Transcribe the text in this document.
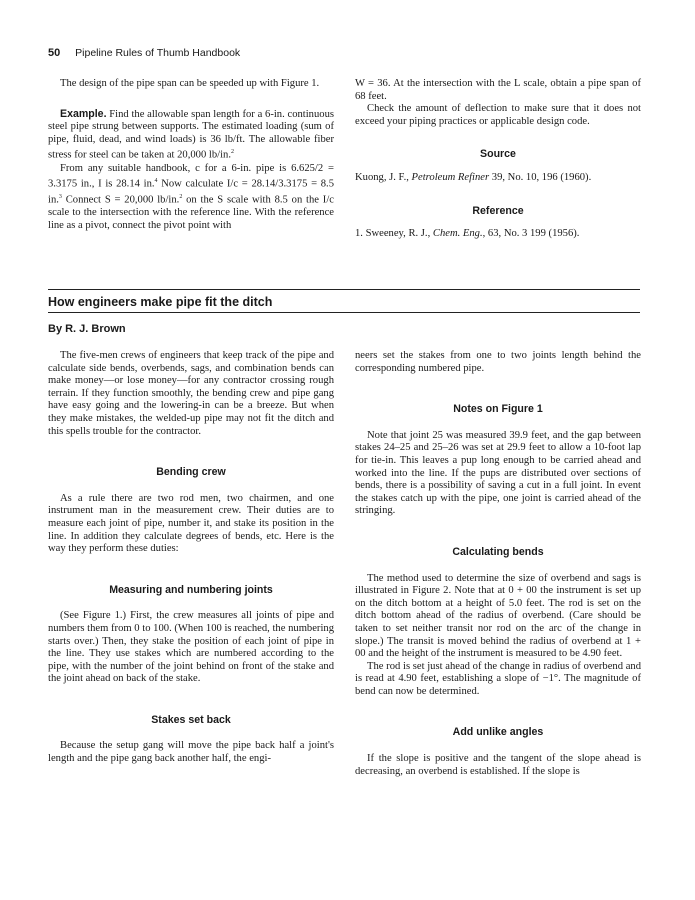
50 Pipeline Rules of Thumb Handbook

The design of the pipe span can be speeded up with Figure 1.

Example. Find the allowable span length for a 6-in. continuous steel pipe strung between supports. The estimated loading (sum of pipe, fluid, dead, and wind loads) is 36 lb/ft. The allowable fiber stress for steel can be taken at 20,000 lb/in.$^2$

From any suitable handbook, c for a 6-in. pipe is 6.625/2 = 3.3175 in., I is 28.14 in.$^4$ Now calculate I/c = 28.14/3.3175 = 8.5 in.$^3$ Connect S = 20,000 lb/in.$^2$ on the S scale with 8.5 on the I/c scale to the intersection with the reference line. With the reference line as a pivot, connect the pivot point with

W = 36. At the intersection with the L scale, obtain a pipe span of 68 feet.

Check the amount of deflection to make sure that it does not exceed your piping practices or applicable design code.

Source

Kuong, J. F., Petroleum Refiner 39, No. 10, 196 (1960).

Reference

1. Sweeney, R. J., Chem. Eng., 63, No. 3 199 (1956).

How engineers make pipe fit the ditch
By R. J. Brown

The five-men crews of engineers that keep track of the pipe and calculate side bends, overbends, sags, and combination bends can make money—or lose money—for any contractor crossing rough terrain. If they function smoothly, the bending crew and pipe gang have easy going and the lowering-in can be a breeze. But when they make mistakes, the welded-up pipe may not fit the ditch and this spells trouble for the contractor.

Bending crew

As a rule there are two rod men, two chairmen, and one instrument man in the measurement crew. Their duties are to measure each joint of pipe, number it, and stake its position in the line. In addition they calculate degrees of bends, etc. Here is the way they perform these duties:

Measuring and numbering joints

(See Figure 1.) First, the crew measures all joints of pipe and numbers them from 0 to 100. (When 100 is reached, the numbering starts over.) Then, they stake the position of each joint of pipe in the line. They use stakes which are numbered according to the pipe, with the number of the joint behind on front of the stake and the joint ahead on back of the stake.

Stakes set back

Because the setup gang will move the pipe back half a joint's length and the pipe gang back another half, the engi-

neers set the stakes from one to two joints length behind the corresponding numbered pipe.

Notes on Figure 1

Note that joint 25 was measured 39.9 feet, and the gap between stakes 24–25 and 25–26 was set at 29.9 feet to allow a 10-foot lap for tie-in. This leaves a pup long enough to be carried ahead and worked into the line. If the pups are distributed over sections of bends, there is a possibility of saving a cut in a full joint. In event the stakes catch up with the pipe, one joint is carried ahead of the stringing.

Calculating bends

The method used to determine the size of overbend and sags is illustrated in Figure 2. Note that at 0 + 00 the instrument is set up on the ditch bottom at a height of 5.0 feet. The rod is set on the ditch bottom ahead of the radius of overbend. (Care should be taken to set neither transit nor rod on the arc of the change in slope.) The transit is moved behind the radius of overbend at 1 + 00 and the height of the instrument is measured to be 4.90 feet.

The rod is set just ahead of the change in radius of overbend and is read at 4.90 feet, establishing a slope of −1°. The magnitude of bend can now be determined.

Add unlike angles

If the slope is positive and the tangent of the slope ahead is decreasing, an overbend is established. If the slope is
